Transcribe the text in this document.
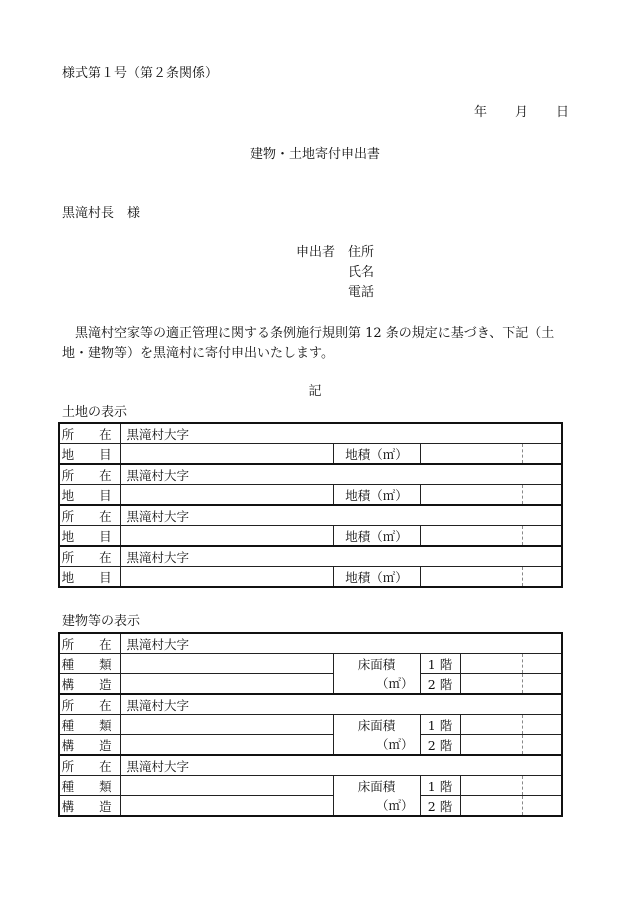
様式第１号（第２条関係）
年 月 日
建物・土地寄付申出書
黒滝村長　様
申出者 住所
氏名
電話
黒滝村空家等の適正管理に関する条例施行規則第 12 条の規定に基づき、下記（土地・建物等）を黒滝村に寄付申出いたします。
記
土地の表示
所　在	黒滝村大字			
地　目		地積（㎡）		
所　在	黒滝村大字			
地　目		地積（㎡）		
所　在	黒滝村大字			
地　目		地積（㎡）		
所　在	黒滝村大字			
地　目		地積（㎡）		
建物等の表示
所　在	黒滝村大字				
種　類		床面積	1 階		
構　造		（㎡）	2 階		
所　在	黒滝村大字				
種　類		床面積	1 階		
構　造		（㎡）	2 階		
所　在	黒滝村大字				
種　類		床面積	1 階		
構　造		（㎡）	2 階		
